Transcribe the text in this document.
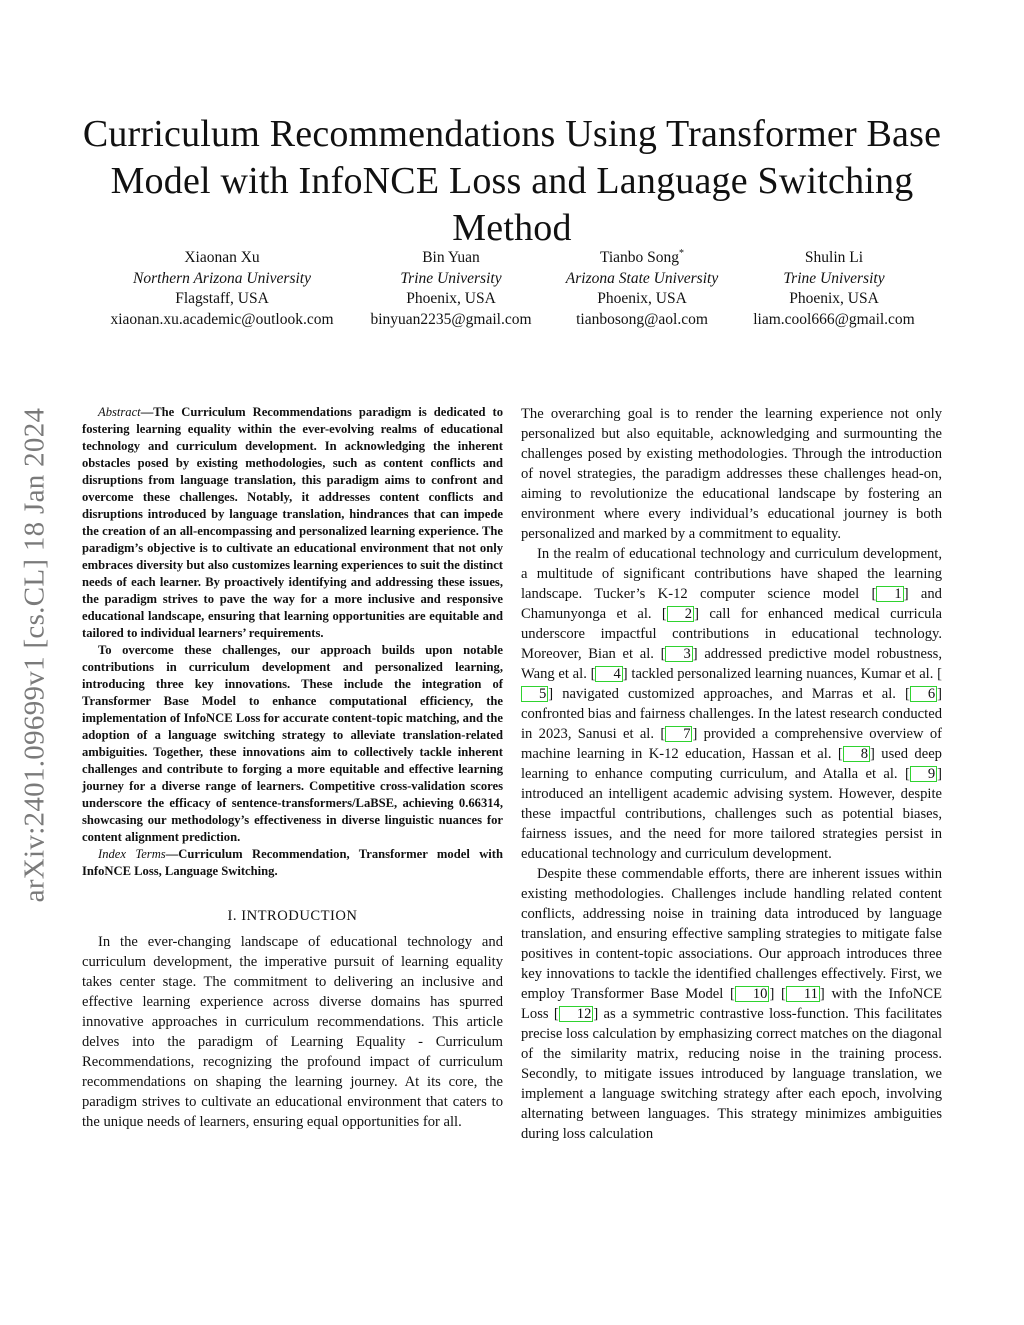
arXiv:2401.09699v1 [cs.CL] 18 Jan 2024
Curriculum Recommendations Using Transformer Base Model with InfoNCE Loss and Language Switching Method
Xiaonan Xu
Northern Arizona University
Flagstaff, USA
xiaonan.xu.academic@outlook.com
Bin Yuan
Trine University
Phoenix, USA
binyuan2235@gmail.com
Tianbo Song*
Arizona State University
Phoenix, USA
tianbosong@aol.com
Shulin Li
Trine University
Phoenix, USA
liam.cool666@gmail.com

Abstract—The Curriculum Recommendations paradigm is dedicated to fostering learning equality within the ever-evolving realms of educational technology and curriculum development. In acknowledging the inherent obstacles posed by existing methodologies, such as content conflicts and disruptions from language translation, this paradigm aims to confront and overcome these challenges. Notably, it addresses content conflicts and disruptions introduced by language translation, hindrances that can impede the creation of an all-encompassing and personalized learning experience. The paradigm’s objective is to cultivate an educational environment that not only embraces diversity but also customizes learning experiences to suit the distinct needs of each learner. By proactively identifying and addressing these issues, the paradigm strives to pave the way for a more inclusive and responsive educational landscape, ensuring that learning opportunities are equitable and tailored to individual learners’ requirements.

To overcome these challenges, our approach builds upon notable contributions in curriculum development and personalized learning, introducing three key innovations. These include the integration of Transformer Base Model to enhance computational efficiency, the implementation of InfoNCE Loss for accurate content-topic matching, and the adoption of a language switching strategy to alleviate translation-related ambiguities. Together, these innovations aim to collectively tackle inherent challenges and contribute to forging a more equitable and effective learning journey for a diverse range of learners. Competitive cross-validation scores underscore the efficacy of sentence-transformers/LaBSE, achieving 0.66314, showcasing our methodology’s effectiveness in diverse linguistic nuances for content alignment prediction.

Index Terms—Curriculum Recommendation, Transformer model with InfoNCE Loss, Language Switching.

I. INTRODUCTION

In the ever-changing landscape of educational technology and curriculum development, the imperative pursuit of learning equality takes center stage. The commitment to delivering an inclusive and effective learning experience across diverse domains has spurred innovative approaches in curriculum recommendations. This article delves into the paradigm of Learning Equality - Curriculum Recommendations, recognizing the profound impact of curriculum recommendations on shaping the learning journey. At its core, the paradigm strives to cultivate an educational environment that caters to the unique needs of learners, ensuring equal opportunities for all.

The overarching goal is to render the learning experience not only personalized but also equitable, acknowledging and surmounting the challenges posed by existing methodologies. Through the introduction of novel strategies, the paradigm addresses these challenges head-on, aiming to revolutionize the educational landscape by fostering an environment where every individual’s educational journey is both personalized and marked by a commitment to equality.

In the realm of educational technology and curriculum development, a multitude of significant contributions have shaped the learning landscape. Tucker’s K-12 computer science model [ 1 ] and Chamunyonga et al. [ 2 ] call for enhanced medical curricula underscore impactful contributions in educational technology. Moreover, Bian et al. [ 3 ] addressed predictive model robustness, Wang et al. [ 4 ] tackled personalized learning nuances, Kumar et al. [5 ] navigated customized approaches, and Marras et al. [ 6 ] confronted bias and fairness challenges. In the latest research conducted in 2023, Sanusi et al. [ 7 ] provided a comprehensive overview of machine learning in K-12 education, Hassan et al. [ 8 ] used deep learning to enhance computing curriculum, and Atalla et al. [ 9 ] introduced an intelligent academic advising system. However, despite these impactful contributions, challenges such as potential biases, fairness issues, and the need for more tailored strategies persist in educational technology and curriculum development.

Despite these commendable efforts, there are inherent issues within existing methodologies. Challenges include handling related content conflicts, addressing noise in training data introduced by language translation, and ensuring effective sampling strategies to mitigate false positives in content-topic associations. Our approach introduces three key innovations to tackle the identified challenges effectively. First, we employ Transformer Base Model [ 10 ] [ 11 ] with the InfoNCE Loss [ 12 ] as a symmetric contrastive loss-function. This facilitates precise loss calculation by emphasizing correct matches on the diagonal of the similarity matrix, reducing noise in the training process. Secondly, to mitigate issues introduced by language translation, we implement a language switching strategy after each epoch, involving alternating between languages. This strategy minimizes ambiguities during loss calculation
